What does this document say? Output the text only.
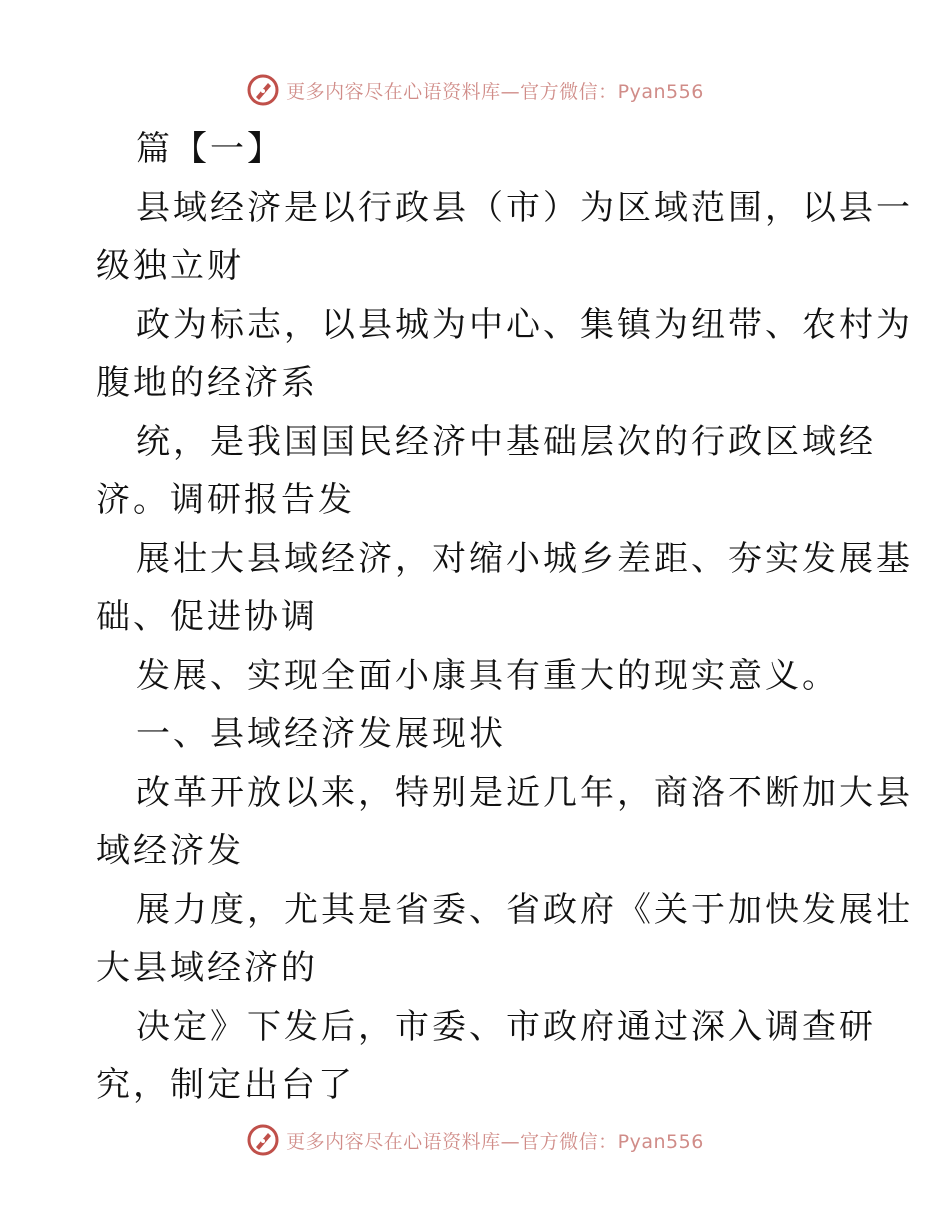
更多内容尽在心语资料库—官方微信：Pyan556
篇【一】
县域经济是以行政县（市）为区域范围，以县一
级独立财
政为标志，以县城为中心、集镇为纽带、农村为
腹地的经济系
统，是我国国民经济中基础层次的行政区域经
济。调研报告发
展壮大县域经济，对缩小城乡差距、夯实发展基
础、促进协调
发展、实现全面小康具有重大的现实意义。
一、县域经济发展现状
改革开放以来，特别是近几年，商洛不断加大县
域经济发
展力度，尤其是省委、省政府《关于加快发展壮
大县域经济的
决定》下发后，市委、市政府通过深入调查研
究，制定出台了
更多内容尽在心语资料库—官方微信：Pyan556
